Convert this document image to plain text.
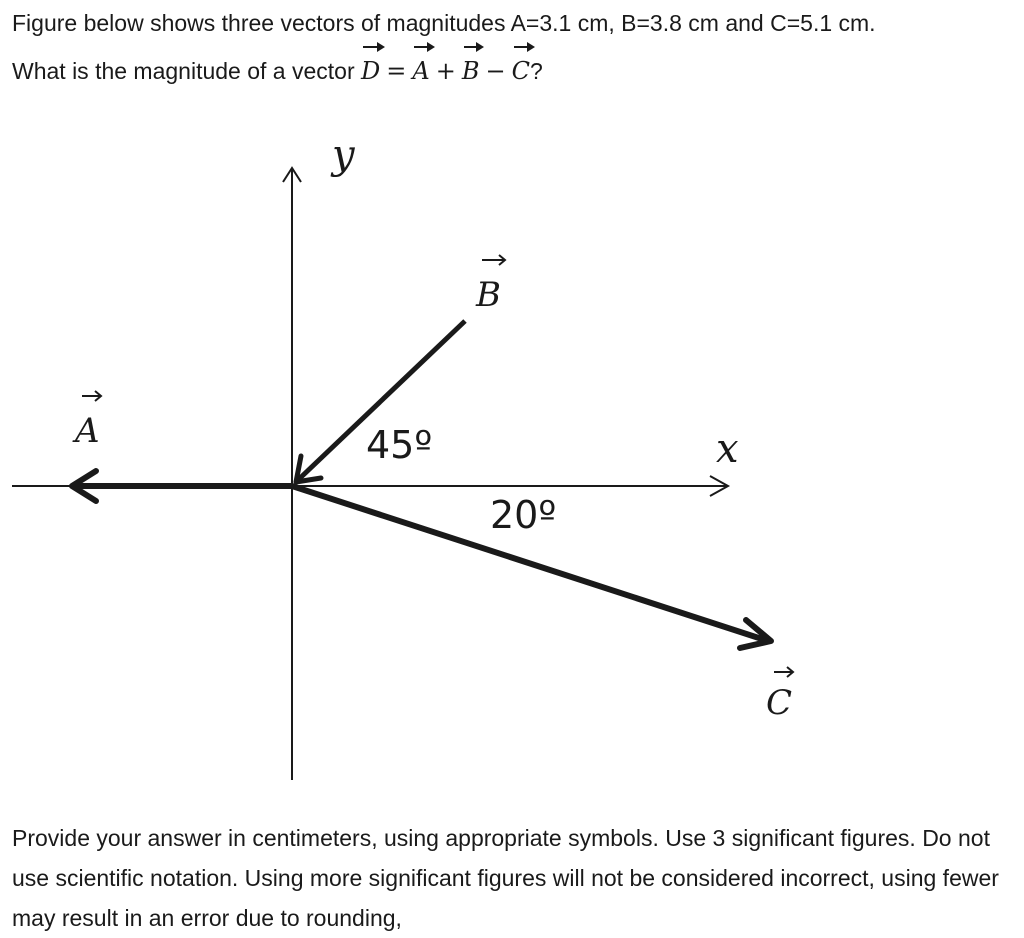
Figure below shows three vectors of magnitudes A=3.1 cm, B=3.8 cm and C=5.1 cm.
What is the magnitude of a vector D = A + B − C?
y
x
A
B
45º
C
20º
Provide your answer in centimeters, using appropriate symbols. Use 3 significant figures. Do not use scientific notation. Using more significant figures will not be considered incorrect, using fewer may result in an error due to rounding,
